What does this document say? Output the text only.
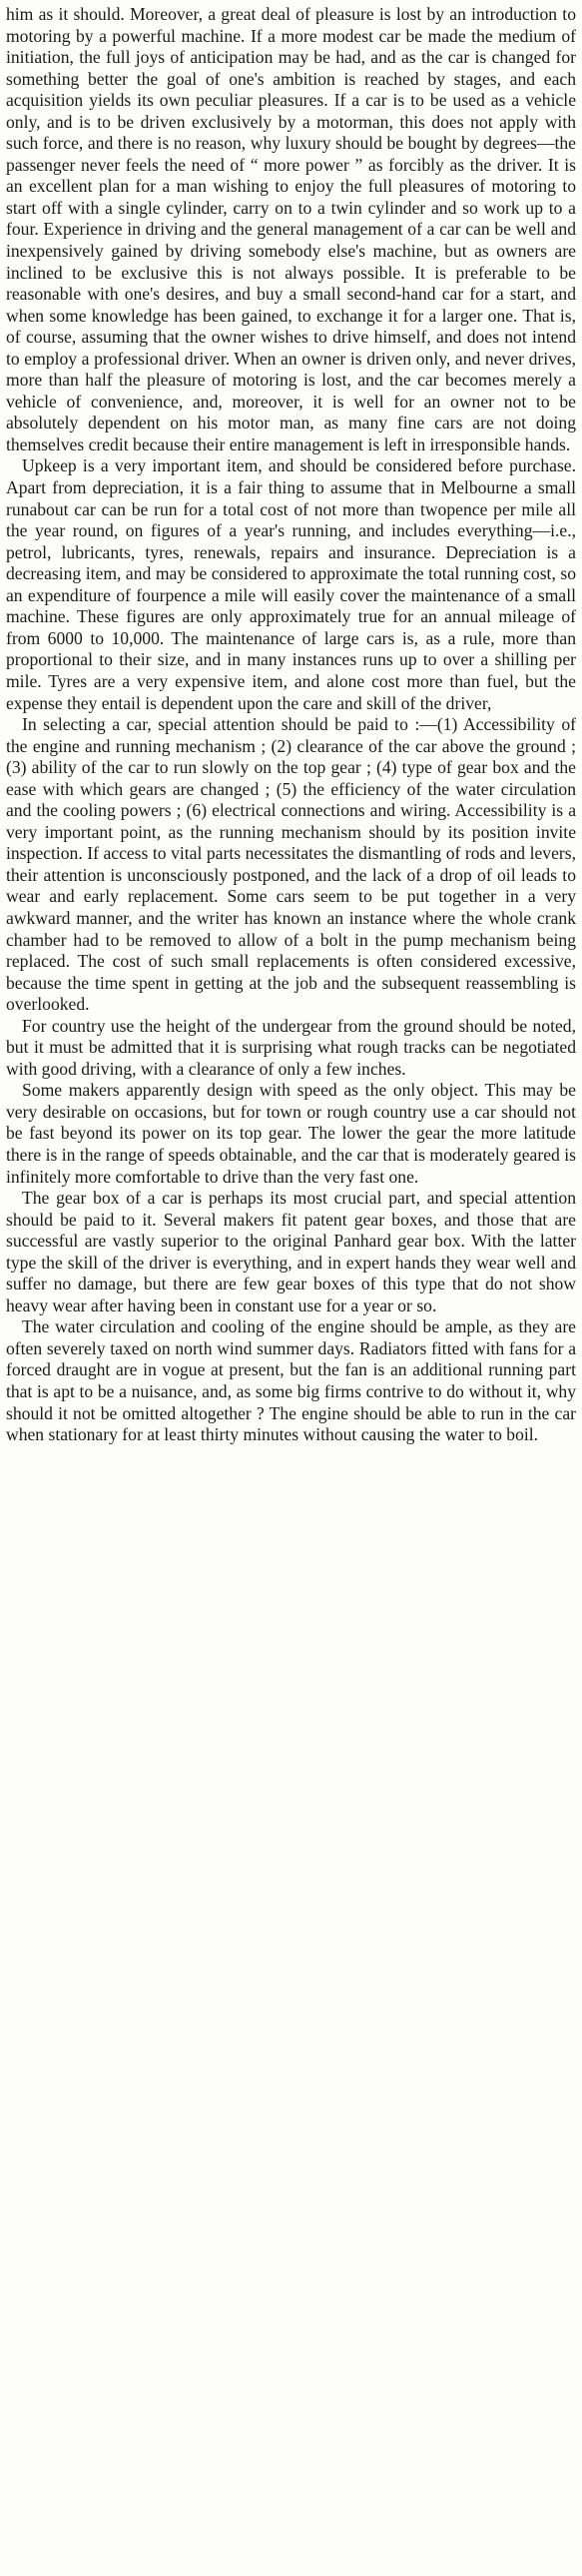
him as it should. Moreover, a great deal of pleasure is lost by an introduction to motoring by a powerful machine. If a more modest car be made the medium of initiation, the full joys of anticipation may be had, and as the car is changed for something better the goal of one's ambition is reached by stages, and each acquisition yields its own peculiar pleasures. If a car is to be used as a vehicle only, and is to be driven exclusively by a motorman, this does not apply with such force, and there is no reason, why luxury should be bought by degrees—the passenger never feels the need of “ more power ” as forcibly as the driver. It is an excellent plan for a man wishing to enjoy the full pleasures of motoring to start off with a single cylinder, carry on to a twin cylinder and so work up to a four. Experience in driving and the general management of a car can be well and inexpensively gained by driving somebody else's machine, but as owners are inclined to be exclusive this is not always possible. It is preferable to be reasonable with one's desires, and buy a small second-hand car for a start, and when some knowledge has been gained, to exchange it for a larger one. That is, of course, assuming that the owner wishes to drive himself, and does not intend to employ a professional driver. When an owner is driven only, and never drives, more than half the pleasure of motoring is lost, and the car becomes merely a vehicle of convenience, and, moreover, it is well for an owner not to be absolutely dependent on his motor man, as many fine cars are not doing themselves credit because their entire management is left in irresponsible hands.

Upkeep is a very important item, and should be considered before purchase. Apart from depreciation, it is a fair thing to assume that in Melbourne a small runabout car can be run for a total cost of not more than twopence per mile all the year round, on figures of a year's running, and includes everything—i.e., petrol, lubricants, tyres, renewals, repairs and insurance. Depreciation is a decreasing item, and may be considered to approximate the total running cost, so an expenditure of fourpence a mile will easily cover the maintenance of a small machine. These figures are only approximately true for an annual mileage of from 6000 to 10,000. The maintenance of large cars is, as a rule, more than proportional to their size, and in many instances runs up to over a shilling per mile. Tyres are a very expensive item, and alone cost more than fuel, but the expense they entail is dependent upon the care and skill of the driver,

In selecting a car, special attention should be paid to :—(1) Accessibility of the engine and running mechanism ; (2) clearance of the car above the ground ; (3) ability of the car to run slowly on the top gear ; (4) type of gear box and the ease with which gears are changed ; (5) the efficiency of the water circulation and the cooling powers ; (6) electrical connections and wiring. Accessibility is a very important point, as the running mechanism should by its position invite inspection. If access to vital parts necessitates the dismantling of rods and levers, their attention is unconsciously postponed, and the lack of a drop of oil leads to wear and early replacement. Some cars seem to be put together in a very awkward manner, and the writer has known an instance where the whole crank chamber had to be removed to allow of a bolt in the pump mechanism being replaced. The cost of such small replacements is often considered excessive, because the time spent in getting at the job and the subsequent reassembling is overlooked.

For country use the height of the undergear from the ground should be noted, but it must be admitted that it is surprising what rough tracks can be negotiated with good driving, with a clearance of only a few inches.

Some makers apparently design with speed as the only object. This may be very desirable on occasions, but for town or rough country use a car should not be fast beyond its power on its top gear. The lower the gear the more latitude there is in the range of speeds obtainable, and the car that is moderately geared is infinitely more comfortable to drive than the very fast one.

The gear box of a car is perhaps its most crucial part, and special attention should be paid to it. Several makers fit patent gear boxes, and those that are successful are vastly superior to the original Panhard gear box. With the latter type the skill of the driver is everything, and in expert hands they wear well and suffer no damage, but there are few gear boxes of this type that do not show heavy wear after having been in constant use for a year or so.

The water circulation and cooling of the engine should be ample, as they are often severely taxed on north wind summer days. Radiators fitted with fans for a forced draught are in vogue at present, but the fan is an additional running part that is apt to be a nuisance, and, as some big firms contrive to do without it, why should it not be omitted altogether ? The engine should be able to run in the car when stationary for at least thirty minutes without causing the water to boil.
